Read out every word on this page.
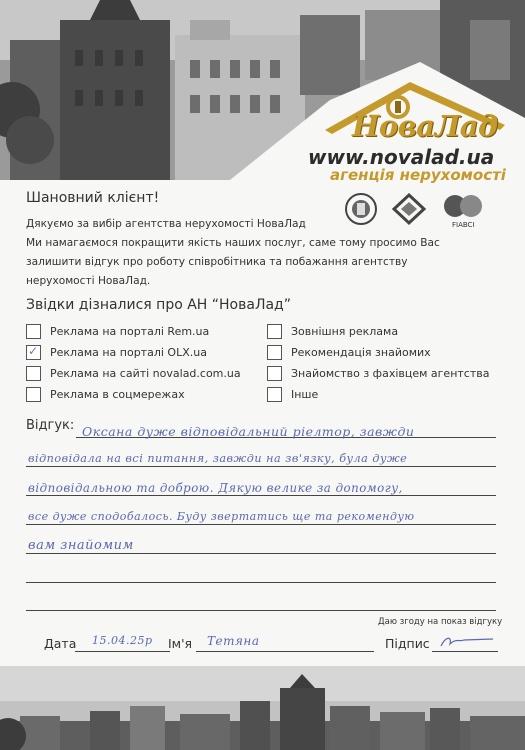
НоваЛад
www.novalad.ua
агенція нерухомості
Шановний клієнт!
FIABCI
Дякуємо за вибір агентства нерухомості НоваЛад
Ми намагаємося покращити якість наших послуг, саме тому просимо Вас
залишити відгук про роботу співробітника та побажання агентству
нерухомості НоваЛад.
Звідки дізналися про АН “НоваЛад”
Реклама на порталі Rem.ua
✓ Реклама на порталі OLX.ua
Реклама на сайті novalad.com.ua
Реклама в соцмережах
Зовнішня реклама
Рекомендація знайомих
Знайомство з фахівцем агентства
Інше
Відгук: Оксана дуже відповідальний ріелтор, завжди
відповідала на всі питання, завжди на зв'язку, була дуже
відповідальною та доброю. Дякую велике за допомогу,
все дуже сподобалось. Буду звертатись ще та рекомендую
вам знайомим
Даю згоду на показ відгуку
Дата 15.04.25р Ім'я Тетяна	Підпис
